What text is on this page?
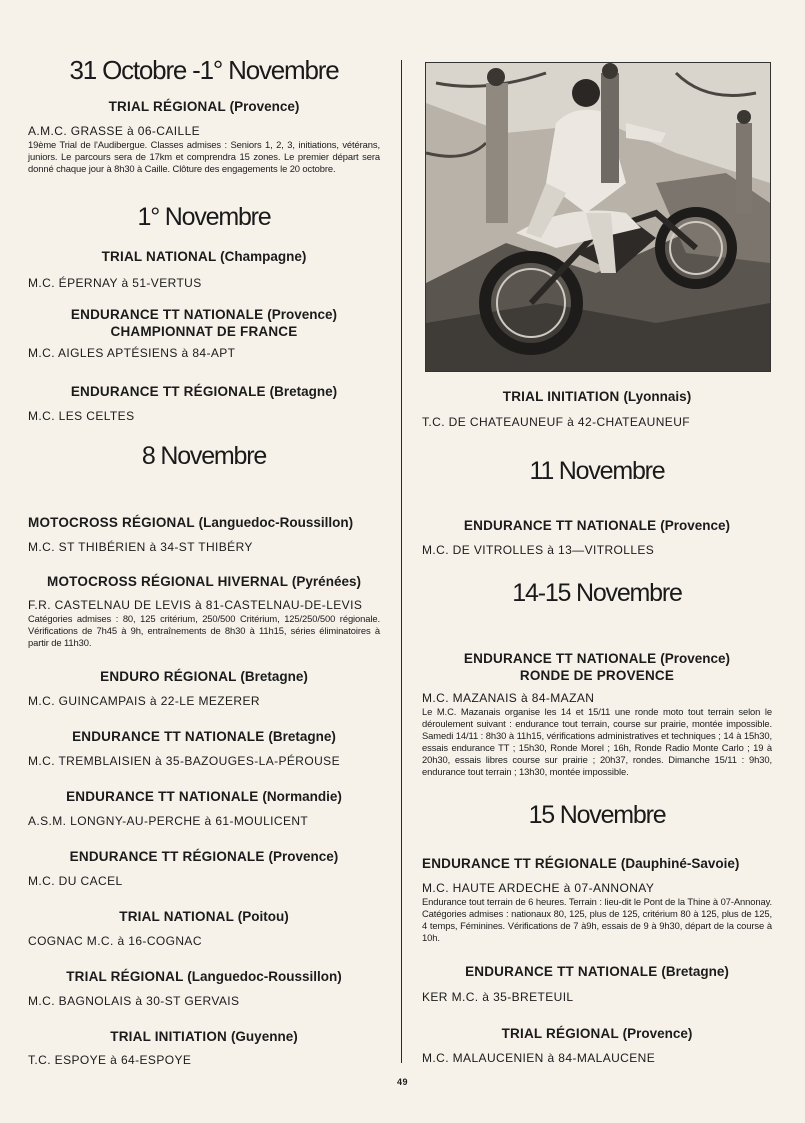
31 Octobre -1° Novembre

TRIAL RÉGIONAL (Provence)

A.M.C. GRASSE à 06-CAILLE

19ème Trial de l'Audibergue. Classes admises : Seniors 1, 2, 3, initiations, vétérans, juniors. Le parcours sera de 17km et comprendra 15 zones. Le premier départ sera donné chaque jour à 8h30 à Caille. Clôture des engagements le 20 octobre.

1° Novembre

TRIAL NATIONAL (Champagne)

M.C. ÉPERNAY à 51-VERTUS

ENDURANCE TT NATIONALE (Provence)

CHAMPIONNAT DE FRANCE

M.C. AIGLES APTÉSIENS à 84-APT

ENDURANCE TT RÉGIONALE (Bretagne)

M.C. LES CELTES

8 Novembre

MOTOCROSS RÉGIONAL (Languedoc-Roussillon)

M.C. ST THIBÉRIEN à 34-ST THIBÉRY

MOTOCROSS RÉGIONAL HIVERNAL (Pyrénées)

F.R. CASTELNAU DE LEVIS à 81-CASTELNAU-DE-LEVIS

Catégories admises : 80, 125 critérium, 250/500 Critérium, 125/250/500 régionale. Vérifications de 7h45 à 9h, entraînements de 8h30 à 11h15, séries éliminatoires à partir de 11h30.

ENDURO RÉGIONAL (Bretagne)

M.C. GUINCAMPAIS à 22-LE MEZERER

ENDURANCE TT NATIONALE (Bretagne)

M.C. TREMBLAISIEN à 35-BAZOUGES-LA-PÉROUSE

ENDURANCE TT NATIONALE (Normandie)

A.S.M. LONGNY-AU-PERCHE à 61-MOULICENT

ENDURANCE TT RÉGIONALE (Provence)

M.C. DU CACEL

TRIAL NATIONAL (Poitou)

COGNAC M.C. à 16-COGNAC

TRIAL RÉGIONAL (Languedoc-Roussillon)

M.C. BAGNOLAIS à 30-ST GERVAIS

TRIAL INITIATION (Guyenne)

T.C. ESPOYE à 64-ESPOYE

TRIAL INITIATION (Lyonnais)

T.C. DE CHATEAUNEUF à 42-CHATEAUNEUF

11 Novembre

ENDURANCE TT NATIONALE (Provence)

M.C. DE VITROLLES à 13—VITROLLES

14-15 Novembre

ENDURANCE TT NATIONALE (Provence)

RONDE DE PROVENCE

M.C. MAZANAIS à 84-MAZAN

Le M.C. Mazanais organise les 14 et 15/11 une ronde moto tout terrain selon le déroulement suivant : endurance tout terrain, course sur prairie, montée impossible. Samedi 14/11 : 8h30 à 11h15, vérifications administratives et techniques ; 14 à 15h30, essais endurance TT ; 15h30, Ronde Morel ; 16h, Ronde Radio Monte Carlo ; 19 à 20h30, essais libres course sur prairie ; 20h37, rondes. Dimanche 15/11 : 9h30, endurance tout terrain ; 13h30, montée impossible.

15 Novembre

ENDURANCE TT RÉGIONALE (Dauphiné-Savoie)

M.C. HAUTE ARDECHE à 07-ANNONAY

Endurance tout terrain de 6 heures. Terrain : lieu-dit le Pont de la Thine à 07-Annonay. Catégories admises : nationaux 80, 125, plus de 125, critérium 80 à 125, plus de 125, 4 temps, Féminines. Vérifications de 7 à9h, essais de 9 à 9h30, départ de la course à 10h.

ENDURANCE TT NATIONALE (Bretagne)

KER M.C. à 35-BRETEUIL

TRIAL RÉGIONAL (Provence)

M.C. MALAUCENIEN à 84-MALAUCENE

49
